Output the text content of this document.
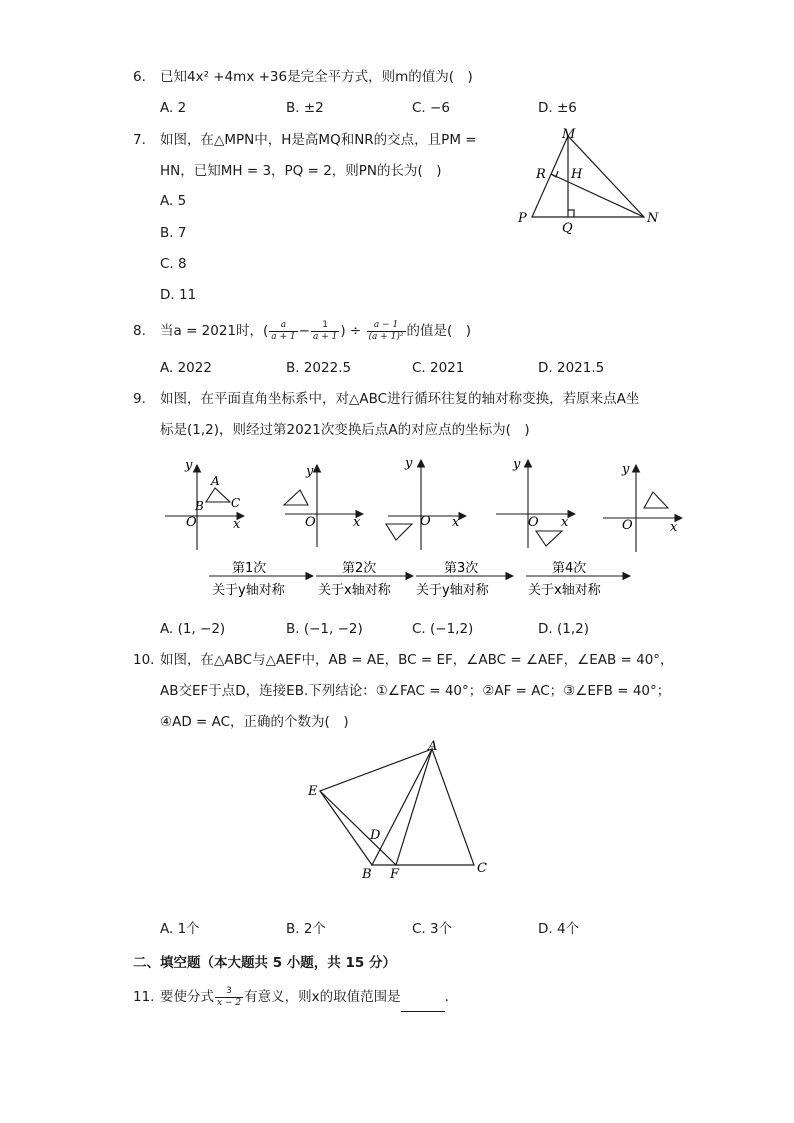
6. 已知4x² +4mx +36是完全平方式，则m的值为(　)
A. 2	B. ±2	C. −6	D. ±6
7. 如图，在△MPN中，H是高MQ和NR的交点，且PM =
HN，已知MH = 3，PQ = 2，则PN的长为(　)
A. 5
B. 7
C. 8
D. 11
M
R H
P
Q
N
8. 当a = 2021时，( $\frac{a}{a + 1} - \frac{1}{a + 1}$ ) ÷ $\frac{a - 1}{\text{(a + 1)²}}$ 的值是(　)
A. 2022	B. 2022.5	C. 2021	D. 2021.5
9. 如图，在平面直角坐标系中，对△ABC进行循环往复的轴对称变换，若原来点A坐
标是(1,2)，则经过第2021次变换后点A的对应点的坐标为(　)
y
x
O
A
B C
y
x
O
y
x
O
y
x
O
y
x
O
第1次
关于y轴对称
第2次
关于x轴对称
第3次
关于y轴对称
第4次
关于x轴对称
A. (1, −2)	B. (−1, −2)	C. (−1,2)	D. (1,2)
10. 如图，在△ABC与△AEF中，AB = AE，BC = EF，∠ABC = ∠AEF，∠EAB = 40°，
AB交EF于点D，连接EB.下列结论：①∠FAC = 40°；②AF = AC；③∠EFB = 40°；
④AD = AC，正确的个数为(　)
A
E
D
B F	C
A. 1个	B. 2个	C. 3个	D. 4个
二、填空题（本大题共 5 小题，共 15 分）
11. 要使分式 $\frac{3}{x - 2}$ 有意义，则x的取值范围是	.
